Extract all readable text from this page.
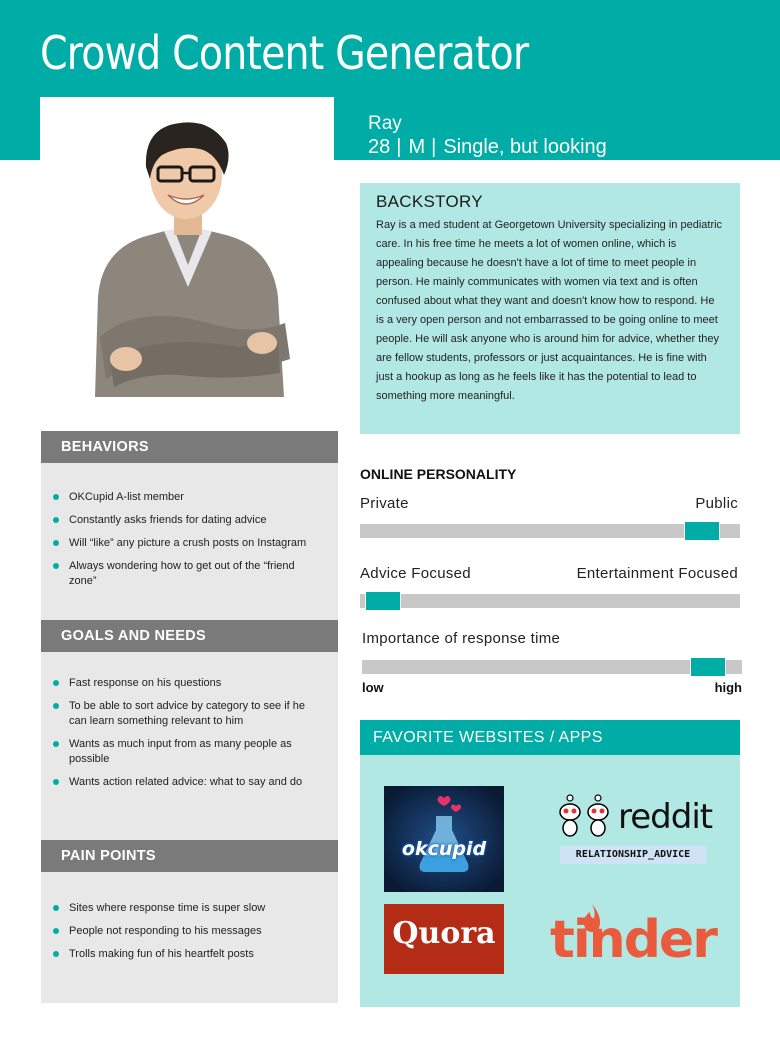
Crowd Content Generator
Ray
28 | M | Single, but looking
BACKSTORY

Ray is a med student at Georgetown University specializing in pediatric care. In his free time he meets a lot of women online, which is appealing because he doesn't have a lot of time to meet people in person. He mainly communicates with women via text and is often confused about what they want and doesn't know how to respond. He is a very open person and not embarrassed to be going online to meet people. He will ask anyone who is around him for advice, whether they are fellow students, professors or just acquaintances. He is fine with just a hookup as long as he feels like it has the potential to lead to something more meaningful.

BEHAVIORS
OKCupid A-list member
Constantly asks friends for dating advice
Will “like” any picture a crush posts on Instagram
Always wondering how to get out of the “friend zone”
GOALS AND NEEDS
Fast response on his questions
To be able to sort advice by category to see if he can learn something relevant to him
Wants as much input from as many people as possible
Wants action related advice: what to say and do
PAIN POINTS
Sites where response time is super slow
People not responding to his messages
Trolls making fun of his heartfelt posts
ONLINE PERSONALITY
Private	Public
Advice Focused	Entertainment Focused
Importance of response time
low	high
FAVORITE WEBSITES / APPS
okcupid
reddit
RELATIONSHIP_ADVICE
Quora tinder
